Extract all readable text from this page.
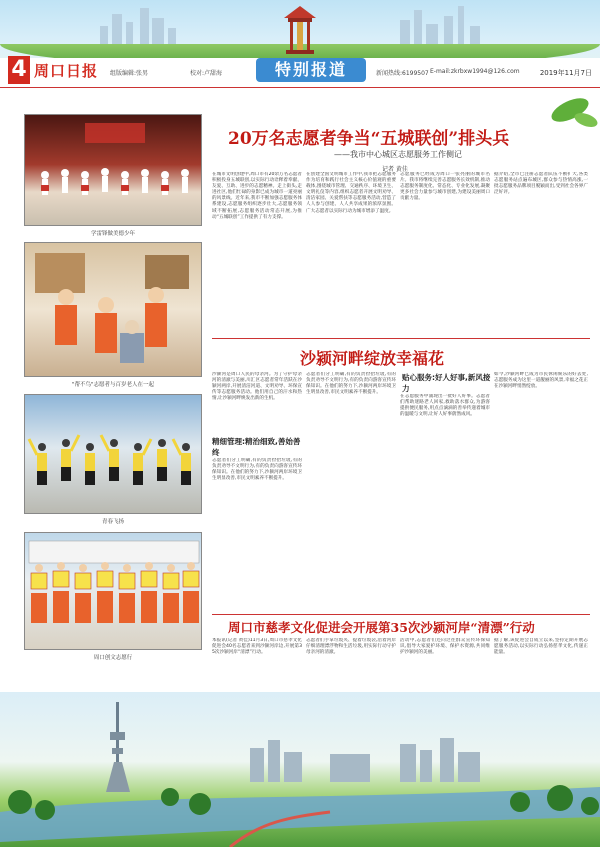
4 周口日报 组版编辑:张男	校对:卢甜海	特别报道	新闻热线:6199507 E-mail:zkrbxw1994@126.com	2019年11月7日
学雷锋做美德少年
"帮不鸟"志愿者与百岁老人在一起
青春飞扬
周口创文志愿行
20万名志愿者争当“五城联创”排头兵
——我市中心城区志愿服务工作侧记
记者 黄佳
在城市文明创建中,周口市有20余万名志愿者积极投身五城联创,以实际行动诠释着奉献、友爱、互助、进步的志愿精神。走上街头,走进社区,他们忙碌的身影已成为城市一道亮丽的风景线。近年来,我市不断加强志愿服务体系建设,志愿服务组织逐步壮大,志愿服务领域不断拓展,志愿服务活动常态开展,为推动“五城联创”工作提供了有力支撑。
在创建全国文明城市工作中,我市把志愿服务作为培育和践行社会主义核心价值观的重要载体,围绕城市管理、交通秩序、环境卫生、文明礼仪等内容,组织志愿者开展文明劝导、清洁家园、关爱帮扶等志愿服务活动,营造了人人参与创建、人人共享成果的浓厚氛围。广大志愿者以实际行动为城市增添了温度。
志愿服务已经成为周口一张亮丽的城市名片。我市将继续完善志愿服务长效机制,推动志愿服务制度化、常态化、专业化发展,凝聚更多社会力量参与城市创建,为建设美丽周口贡献力量。
据介绍,全市已注册志愿者队伍不断扩大,各类志愿服务站点遍布城区,群众参与热情高涨,一批志愿服务品牌项目脱颖而出,受到社会各界广泛好评。
沙颍河畔绽放幸福花
沙颍河是周口人民的母亲河。为了守护母亲河的清澈与美丽,川汇区志愿者常年活跃在沙颍河两岸,开展清洁河道、文明劝导、环保宣传等志愿服务活动。他们用自己的汗水和热情,让沙颍河畔焕发出新的生机。
精细管理:精治细致,善始善终
志愿者们分工明确,有的负责捡拾垃圾,有的负责劝导不文明行为,有的负责向游客宣传环保知识。在他们的努力下,沙颍河两岸环境卫生明显改善,市民文明素养不断提升。
志愿者们分工明确,有的负责捡拾垃圾,有的负责劝导不文明行为,有的负责向游客宣传环保知识。在他们的努力下,沙颍河两岸环境卫生明显改善,市民文明素养不断提升。
贴心服务:好人好事,新风接力
在志愿服务中涌现出一批好人好事。志愿者们帮助迷路老人回家,救助落水群众,为游客提供便民服务,用点点滴滴的善举传递着城市的温暖与文明,让好人好事蔚然成风。
如今,沙颍河畔已成为市民休闲娱乐的好去处,志愿服务成为这里一道靓丽的风景,幸福之花正在沙颍河畔悄然绽放。
周口市慈孝文化促进会开展第35次沙颍河岸“清漂”行动
本报讯(记者 黄佳)11月3日,周口市慈孝文化促进会40名志愿者来到沙颍河岸边,开展第35次沙颍河岸“清漂”行动。
志愿者们手拿垃圾夹、提着垃圾袋,沿着河岸仔细清理漂浮物和生活垃圾,用实际行动守护母亲河的清澈。
活动中,志愿者们还向过往群众宣传环保知识,倡导大家爱护环境、保护水资源,共同维护沙颍河的美丽。
据了解,该促进会自成立以来,坚持定期开展志愿服务活动,以实际行动弘扬慈孝文化,传递正能量。
